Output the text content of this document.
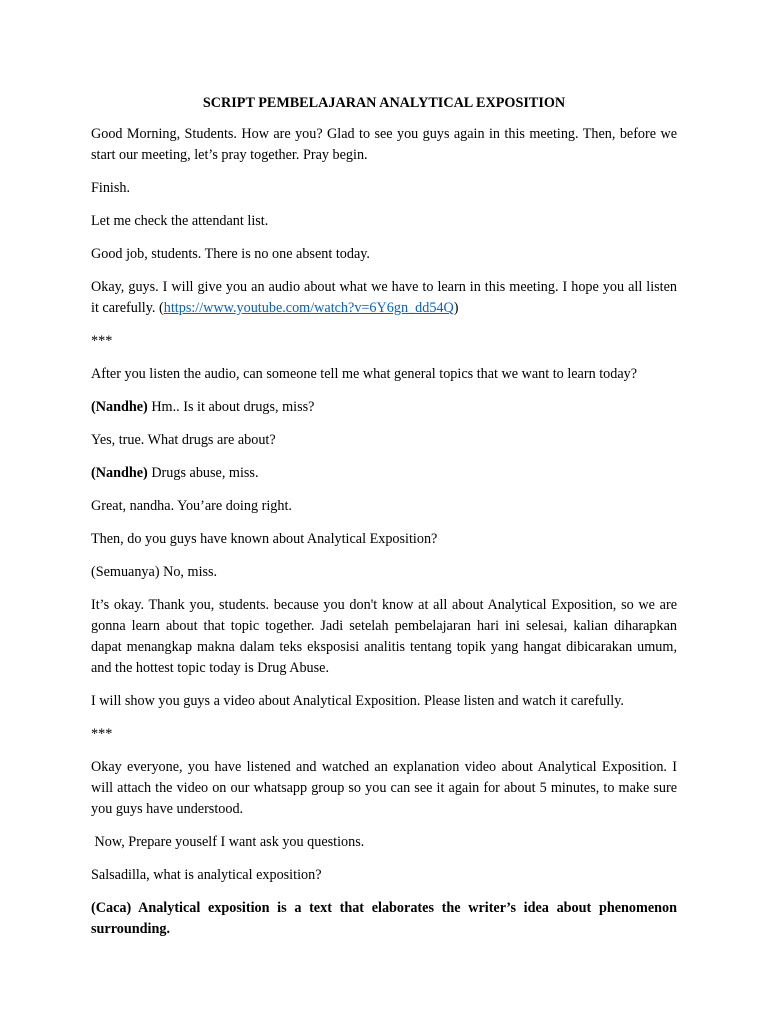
SCRIPT PEMBELAJARAN ANALYTICAL EXPOSITION

Good Morning, Students. How are you? Glad to see you guys again in this meeting. Then, before we start our meeting, let’s pray together. Pray begin.

Finish.

Let me check the attendant list.

Good job, students. There is no one absent today.

Okay, guys. I will give you an audio about what we have to learn in this meeting. I hope you all listen it carefully. (https://www.youtube.com/watch?v=6Y6gn_dd54Q)

***

After you listen the audio, can someone tell me what general topics that we want to learn today?

(Nandhe) Hm.. Is it about drugs, miss?

Yes, true. What drugs are about?

(Nandhe) Drugs abuse, miss.

Great, nandha. You’are doing right.

Then, do you guys have known about Analytical Exposition?

(Semuanya) No, miss.

It’s okay. Thank you, students. because you don't know at all about Analytical Exposition, so we are gonna learn about that topic together. Jadi setelah pembelajaran hari ini selesai, kalian diharapkan dapat menangkap makna dalam teks eksposisi analitis tentang topik yang hangat dibicarakan umum, and the hottest topic today is Drug Abuse.

I will show you guys a video about Analytical Exposition. Please listen and watch it carefully.

***

Okay everyone, you have listened and watched an explanation video about Analytical Exposition. I will attach the video on our whatsapp group so you can see it again for about 5 minutes, to make sure you guys have understood.

Now, Prepare youself I want ask you questions.

Salsadilla, what is analytical exposition?

(Caca) Analytical exposition is a text that elaborates the writer’s idea about phenomenon surrounding.
